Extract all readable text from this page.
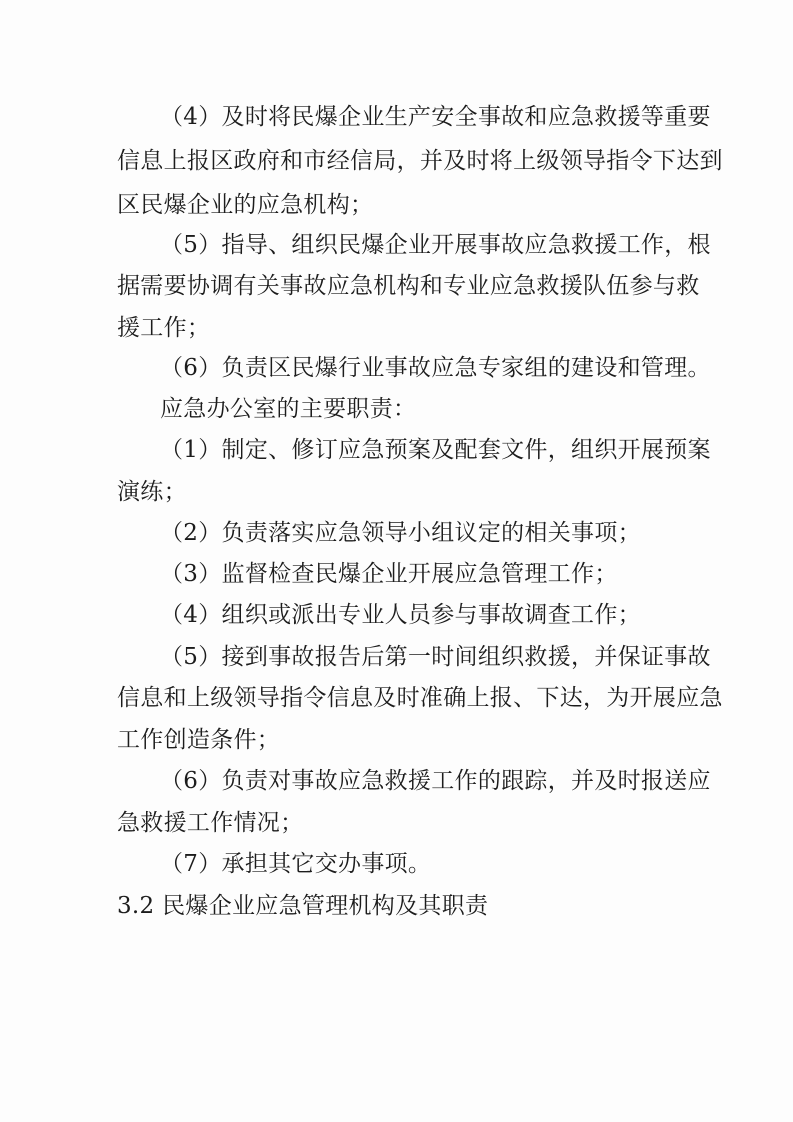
（4）及时将民爆企业生产安全事故和应急救援等重要
信息上报区政府和市经信局，并及时将上级领导指令下达到
区民爆企业的应急机构；
（5）指导、组织民爆企业开展事故应急救援工作，根
据需要协调有关事故应急机构和专业应急救援队伍参与救
援工作；
（6）负责区民爆行业事故应急专家组的建设和管理。
应急办公室的主要职责：
（1）制定、修订应急预案及配套文件，组织开展预案
演练；
（2）负责落实应急领导小组议定的相关事项；
（3）监督检查民爆企业开展应急管理工作；
（4）组织或派出专业人员参与事故调查工作；
（5）接到事故报告后第一时间组织救援，并保证事故
信息和上级领导指令信息及时准确上报、下达，为开展应急
工作创造条件；
（6）负责对事故应急救援工作的跟踪，并及时报送应
急救援工作情况；
（7）承担其它交办事项。
3.2 民爆企业应急管理机构及其职责
